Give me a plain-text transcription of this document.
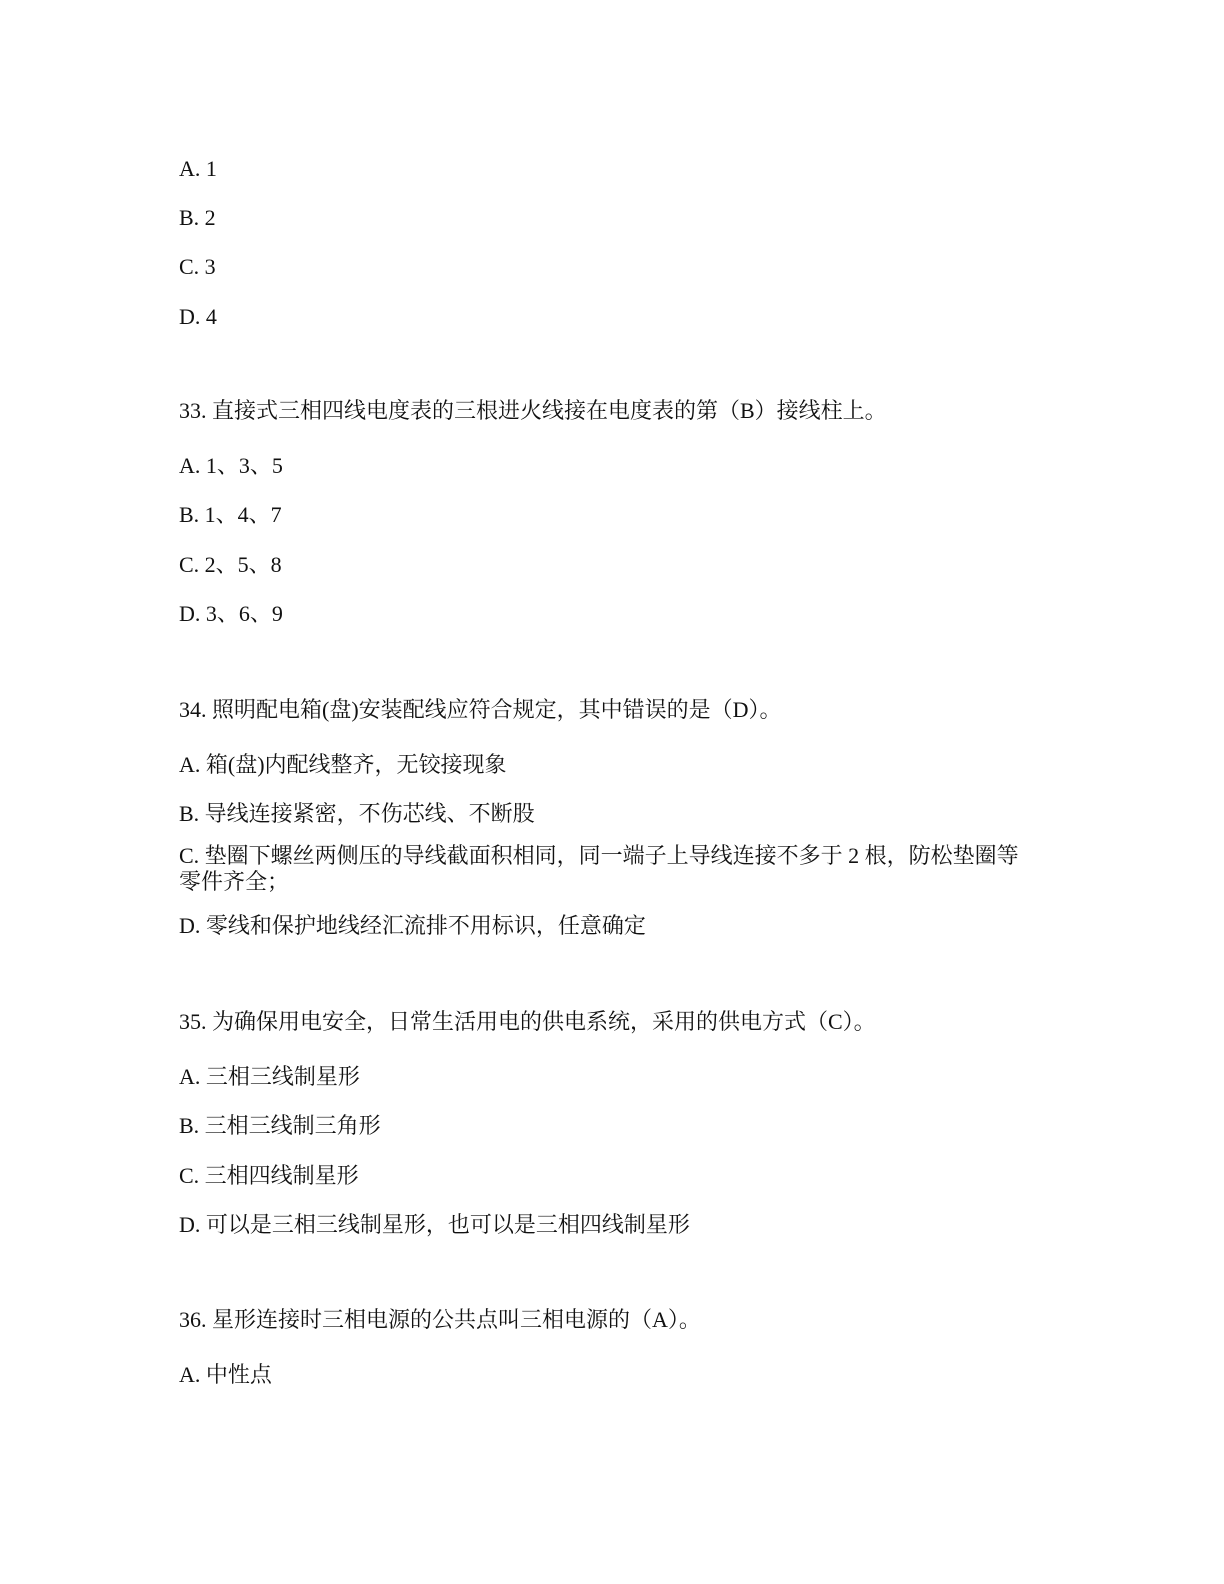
A. 1
B. 2
C. 3
D. 4
33. 直接式三相四线电度表的三根进火线接在电度表的第（B）接线柱上。
A. 1、3、5
B. 1、4、7
C. 2、5、8
D. 3、6、9
34. 照明配电箱(盘)安装配线应符合规定，其中错误的是（D）。
A. 箱(盘)内配线整齐，无铰接现象
B. 导线连接紧密，不伤芯线、不断股
C. 垫圈下螺丝两侧压的导线截面积相同，同一端子上导线连接不多于 2 根，防松垫圈等零件齐全；
D. 零线和保护地线经汇流排不用标识，任意确定
35. 为确保用电安全，日常生活用电的供电系统，采用的供电方式（C）。
A. 三相三线制星形
B. 三相三线制三角形
C. 三相四线制星形
D. 可以是三相三线制星形，也可以是三相四线制星形
36. 星形连接时三相电源的公共点叫三相电源的（A）。
A. 中性点
